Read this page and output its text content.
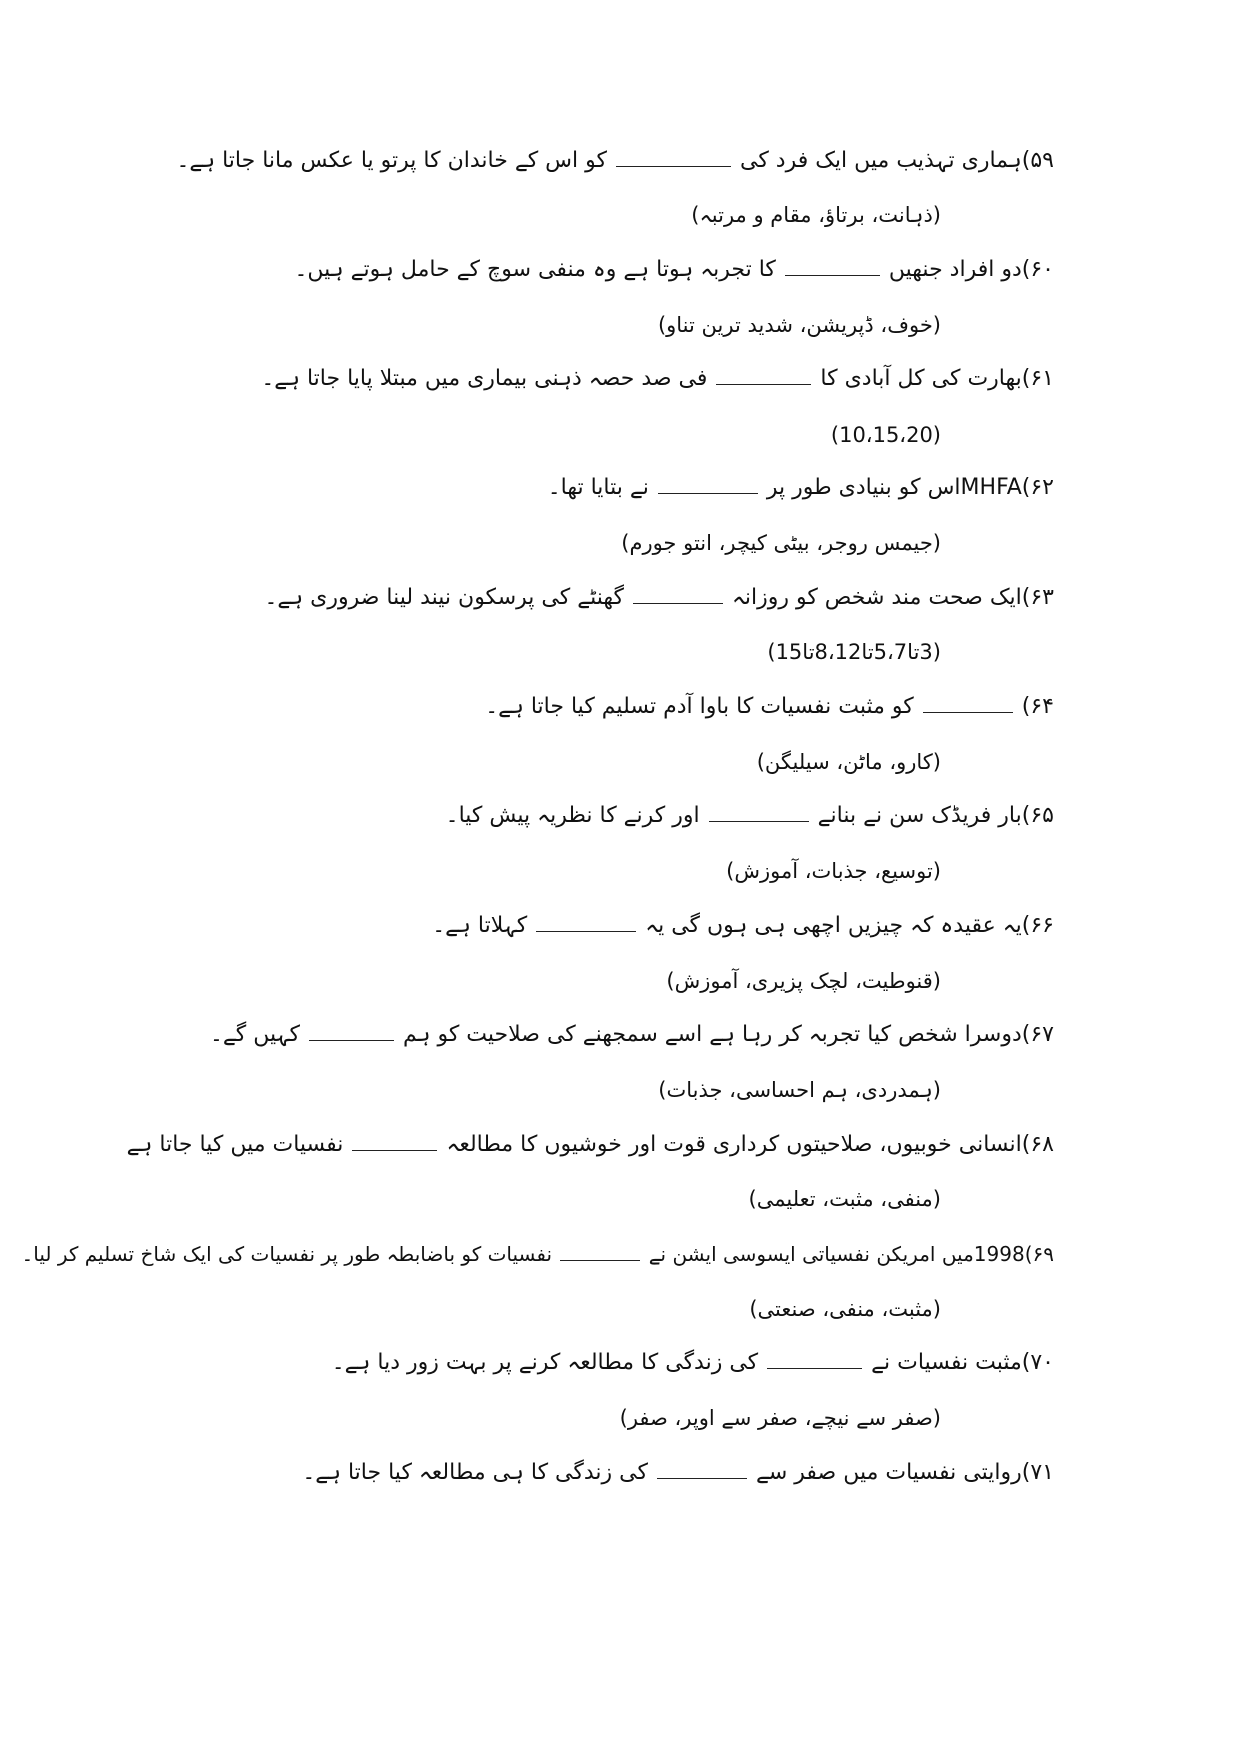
۵۹)ہماری تہذیب میں ایک فرد کی  کو اس کے خاندان کا پرتو یا عکس مانا جاتا ہے۔
(ذہانت، برتاؤ، مقام و مرتبہ)
۶۰)دو افراد جنھیں  کا تجربہ ہوتا ہے وہ منفی سوچ کے حامل ہوتے ہیں۔
(خوف، ڈپریشن، شدید ترین تناو)
۶۱)بھارت کی کل آبادی کا  فی صد حصہ ذہنی بیماری میں مبتلا پایا جاتا ہے۔
(10،15،20)
۶۲)MHFAاس کو بنیادی طور پر  نے بتایا تھا۔
(جیمس روجر، بیٹی کیچر، انتو جورم)
۶۳)ایک صحت مند شخص کو روزانہ  گھنٹے کی پرسکون نیند لینا ضروری ہے۔
(3تا5،7تا8،12تا15)
۶۴)  کو مثبت نفسیات کا باوا آدم تسلیم کیا جاتا ہے۔
(کارو، ماٹن، سیلیگن)
۶۵)بار فریڈک سن نے بنانے  اور کرنے کا نظریہ پیش کیا۔
(توسیع، جذبات، آموزش)
۶۶)یہ عقیدہ کہ چیزیں اچھی ہی ہوں گی یہ  کہلاتا ہے۔
(قنوطیت، لچک پزیری، آموزش)
۶۷)دوسرا شخص کیا تجربہ کر رہا ہے اسے سمجھنے کی صلاحیت کو ہم  کہیں گے۔
(ہمدردی، ہم احساسی، جذبات)
۶۸)انسانی خوبیوں، صلاحیتوں کرداری قوت اور خوشیوں کا مطالعہ  نفسیات میں کیا جاتا ہے
(منفی، مثبت، تعلیمی)
۶۹)1998میں امریکن نفسیاتی ایسوسی ایشن نے  نفسیات کو باضابطہ طور پر نفسیات کی ایک شاخ تسلیم کر لیا۔
(مثبت، منفی، صنعتی)
۷۰)مثبت نفسیات نے  کی زندگی کا مطالعہ کرنے پر بہت زور دیا ہے۔
(صفر سے نیچے، صفر سے اوپر، صفر)
۷۱)روایتی نفسیات میں صفر سے  کی زندگی کا ہی مطالعہ کیا جاتا ہے۔
